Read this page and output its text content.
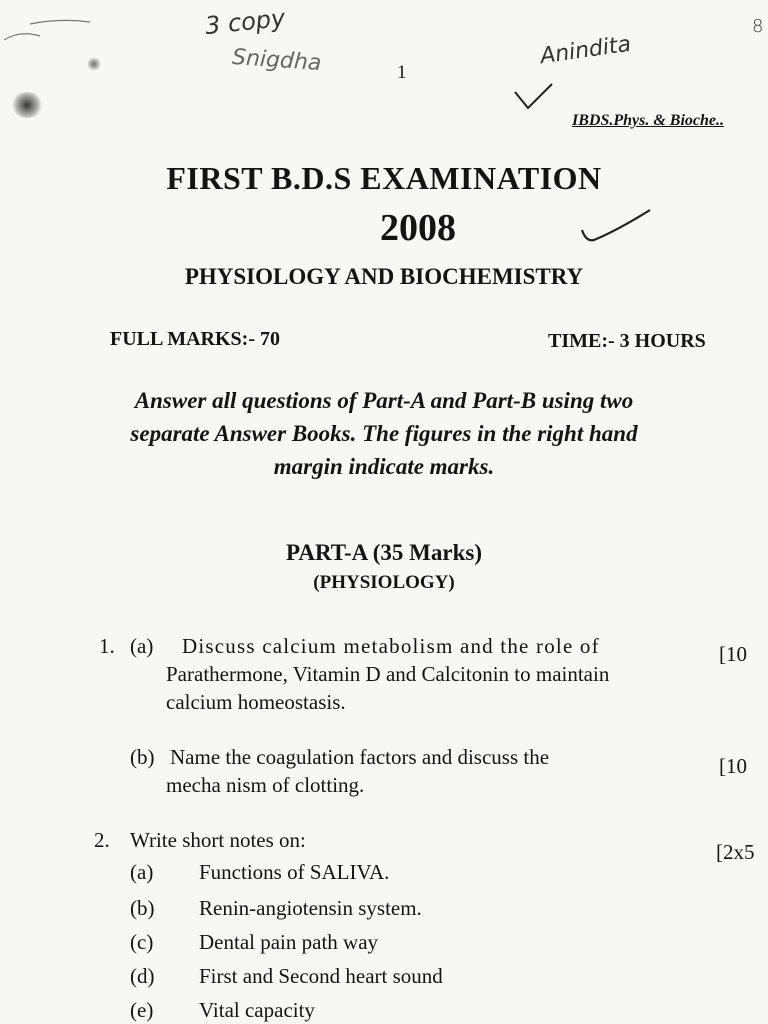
3 copy
Snigdha	Anindita
8
1
IBDS.Phys. & Bioche..
FIRST B.D.S EXAMINATION
2008
PHYSIOLOGY AND BIOCHEMISTRY
FULL MARKS:- 70	TIME:- 3 HOURS
Answer all questions of Part-A and Part-B using two
separate Answer Books. The figures in the right hand
margin indicate marks.
PART-A (35 Marks)
(PHYSIOLOGY)
1. (a) Discuss calcium metabolism and the role of
Parathermone, Vitamin D and Calcitonin to maintain
calcium homeostasis.
[10
(b) Name the coagulation factors and discuss the
mecha nism of clotting.
[10
2. Write short notes on:	[2x5
(a) Functions of SALIVA.
(b) Renin-angiotensin system.
(c) Dental pain path way
(d) First and Second heart sound
(e) Vital capacity
